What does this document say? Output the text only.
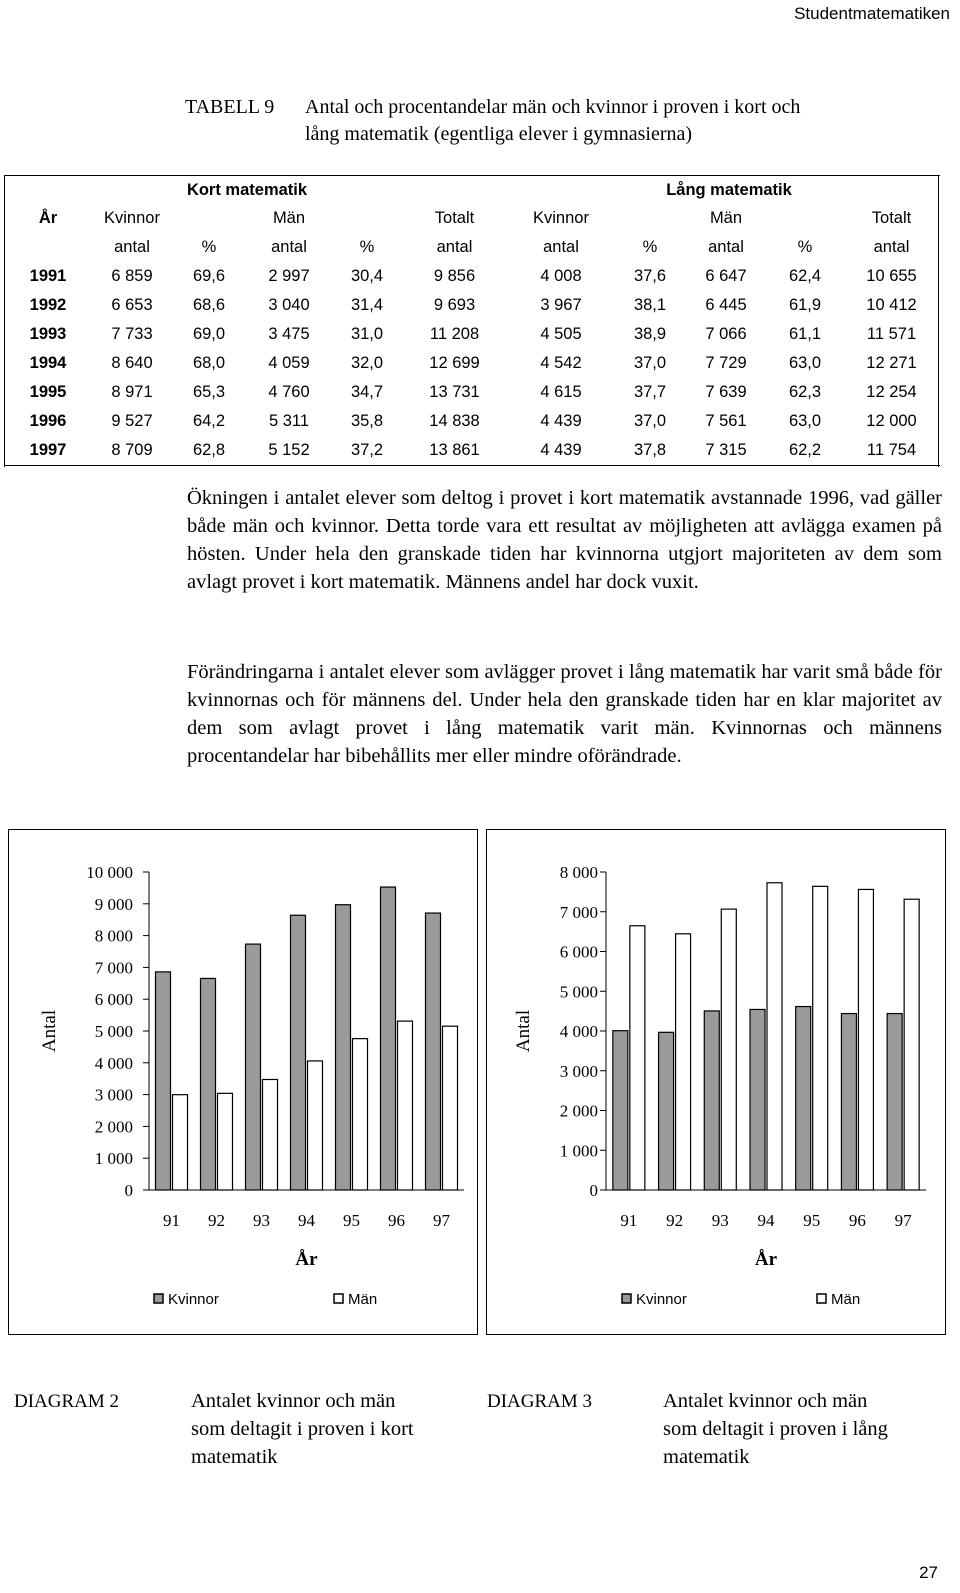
Studentmatematiken
TABELL 9 Antal och procentandelar män och kvinnor i proven i kort och
lång matematik (egentliga elever i gymnasierna)
	Kort matematik						Lång matematik			
År	Kvinnor		Män		Totalt	Kvinnor		Män		Totalt
	antal	%	antal	%	antal	antal	%	antal	%	antal
1991	6 859	69,6	2 997	30,4	9 856	4 008	37,6	6 647	62,4	10 655
1992	6 653	68,6	3 040	31,4	9 693	3 967	38,1	6 445	61,9	10 412
1993	7 733	69,0	3 475	31,0	11 208	4 505	38,9	7 066	61,1	11 571
1994	8 640	68,0	4 059	32,0	12 699	4 542	37,0	7 729	63,0	12 271
1995	8 971	65,3	4 760	34,7	13 731	4 615	37,7	7 639	62,3	12 254
1996	9 527	64,2	5 311	35,8	14 838	4 439	37,0	7 561	63,0	12 000
1997	8 709	62,8	5 152	37,2	13 861	4 439	37,8	7 315	62,2	11 754
Ökningen i antalet elever som deltog i provet i kort matematik avstannade 1996, vad gäller både män och kvinnor. Detta torde vara ett resultat av möjligheten att avlägga examen på hösten. Under hela den granskade tiden har kvinnorna utgjort majoriteten av dem som avlagt provet i kort matematik. Männens andel har dock vuxit.
Förändringarna i antalet elever som avlägger provet i lång matematik har varit små både för kvinnornas och för männens del. Under hela den granskade tiden har en klar majoritet av dem som avlagt provet i lång matematik varit män. Kvinnornas och männens procentandelar har bibehållits mer eller mindre oförändrade.
0
1 000
2 000
3 000
4 000
5 000
6 000
7 000
8 000
9 000
10 000
Antal
91 92 93 94 95 96 97
År
Kvinnor	Män
0
1 000
2 000
3 000
4 000
5 000
6 000
7 000
8 000
Antal
91 92 93 94 95 96 97
År
Kvinnor	Män
DIAGRAM 2	Antalet kvinnor och män
som deltagit i proven i kort
matematik
DIAGRAM 3	Antalet kvinnor och män
som deltagit i proven i lång
matematik
27
